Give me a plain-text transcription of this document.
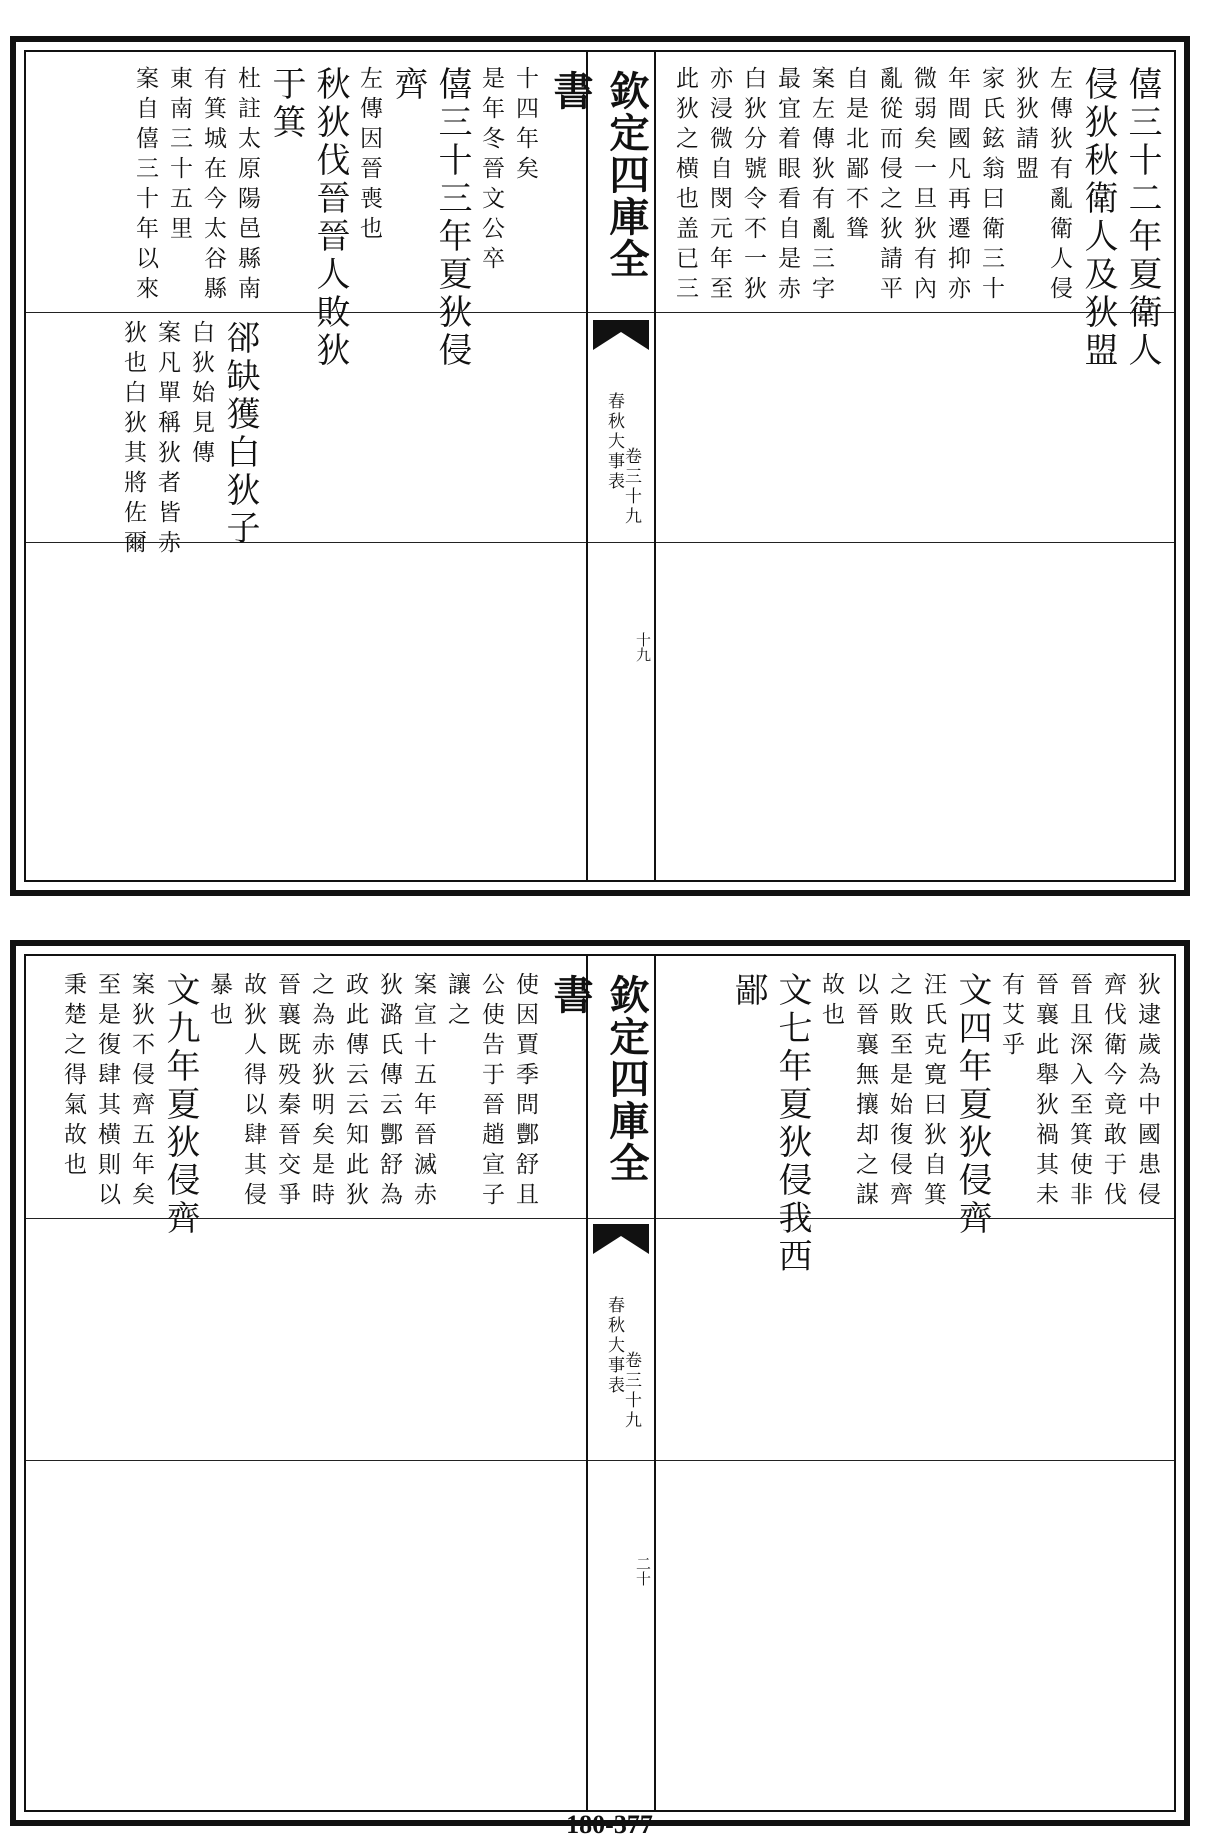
欽定四庫全書
春秋大事表
卷三十九
十九
僖三十二年夏衛人
侵狄秋衛人及狄盟
左傳狄有亂衛人侵
狄狄請盟
家氏鉉翁曰衛三十
年間國凡再遷抑亦
微弱矣一旦狄有內
亂從而侵之狄請平
自是北鄙不聳
案左傳狄有亂三字
最宜着眼看自是赤
白狄分號令不一狄
亦浸微自閔元年至
此狄之横也盖已三
十四年矣
是年冬晉文公卒
僖三十三年夏狄侵
齊
左傳因晉喪也
秋狄伐晉晉人敗狄
于箕
杜註太原陽邑縣南
有箕城在今太谷縣
東南三十五里
案自僖三十年以來
郤缺獲白狄子
白狄始見傳
案凡單稱狄者皆赤
狄也白狄其將佐爾
欽定四庫全書
春秋大事表
卷三十九
二十
狄逮歲為中國患侵
齊伐衛今竟敢于伐
晉且深入至箕使非
晉襄此舉狄禍其未
有艾乎
文四年夏狄侵齊
汪氏克寛曰狄自箕
之敗至是始復侵齊
以晉襄無攘却之謀
故也
文七年夏狄侵我西
鄙
使因賈季問酆舒且
公使告于晉趙宣子
讓之
案宣十五年晉滅赤
狄潞氏傳云酆舒為
政此傳云云知此狄
之為赤狄明矣是時
晉襄既殁秦晉交爭
故狄人得以肆其侵
暴也
文九年夏狄侵齊
案狄不侵齊五年矣
至是復肆其横則以
秉楚之得氣故也
180-377
